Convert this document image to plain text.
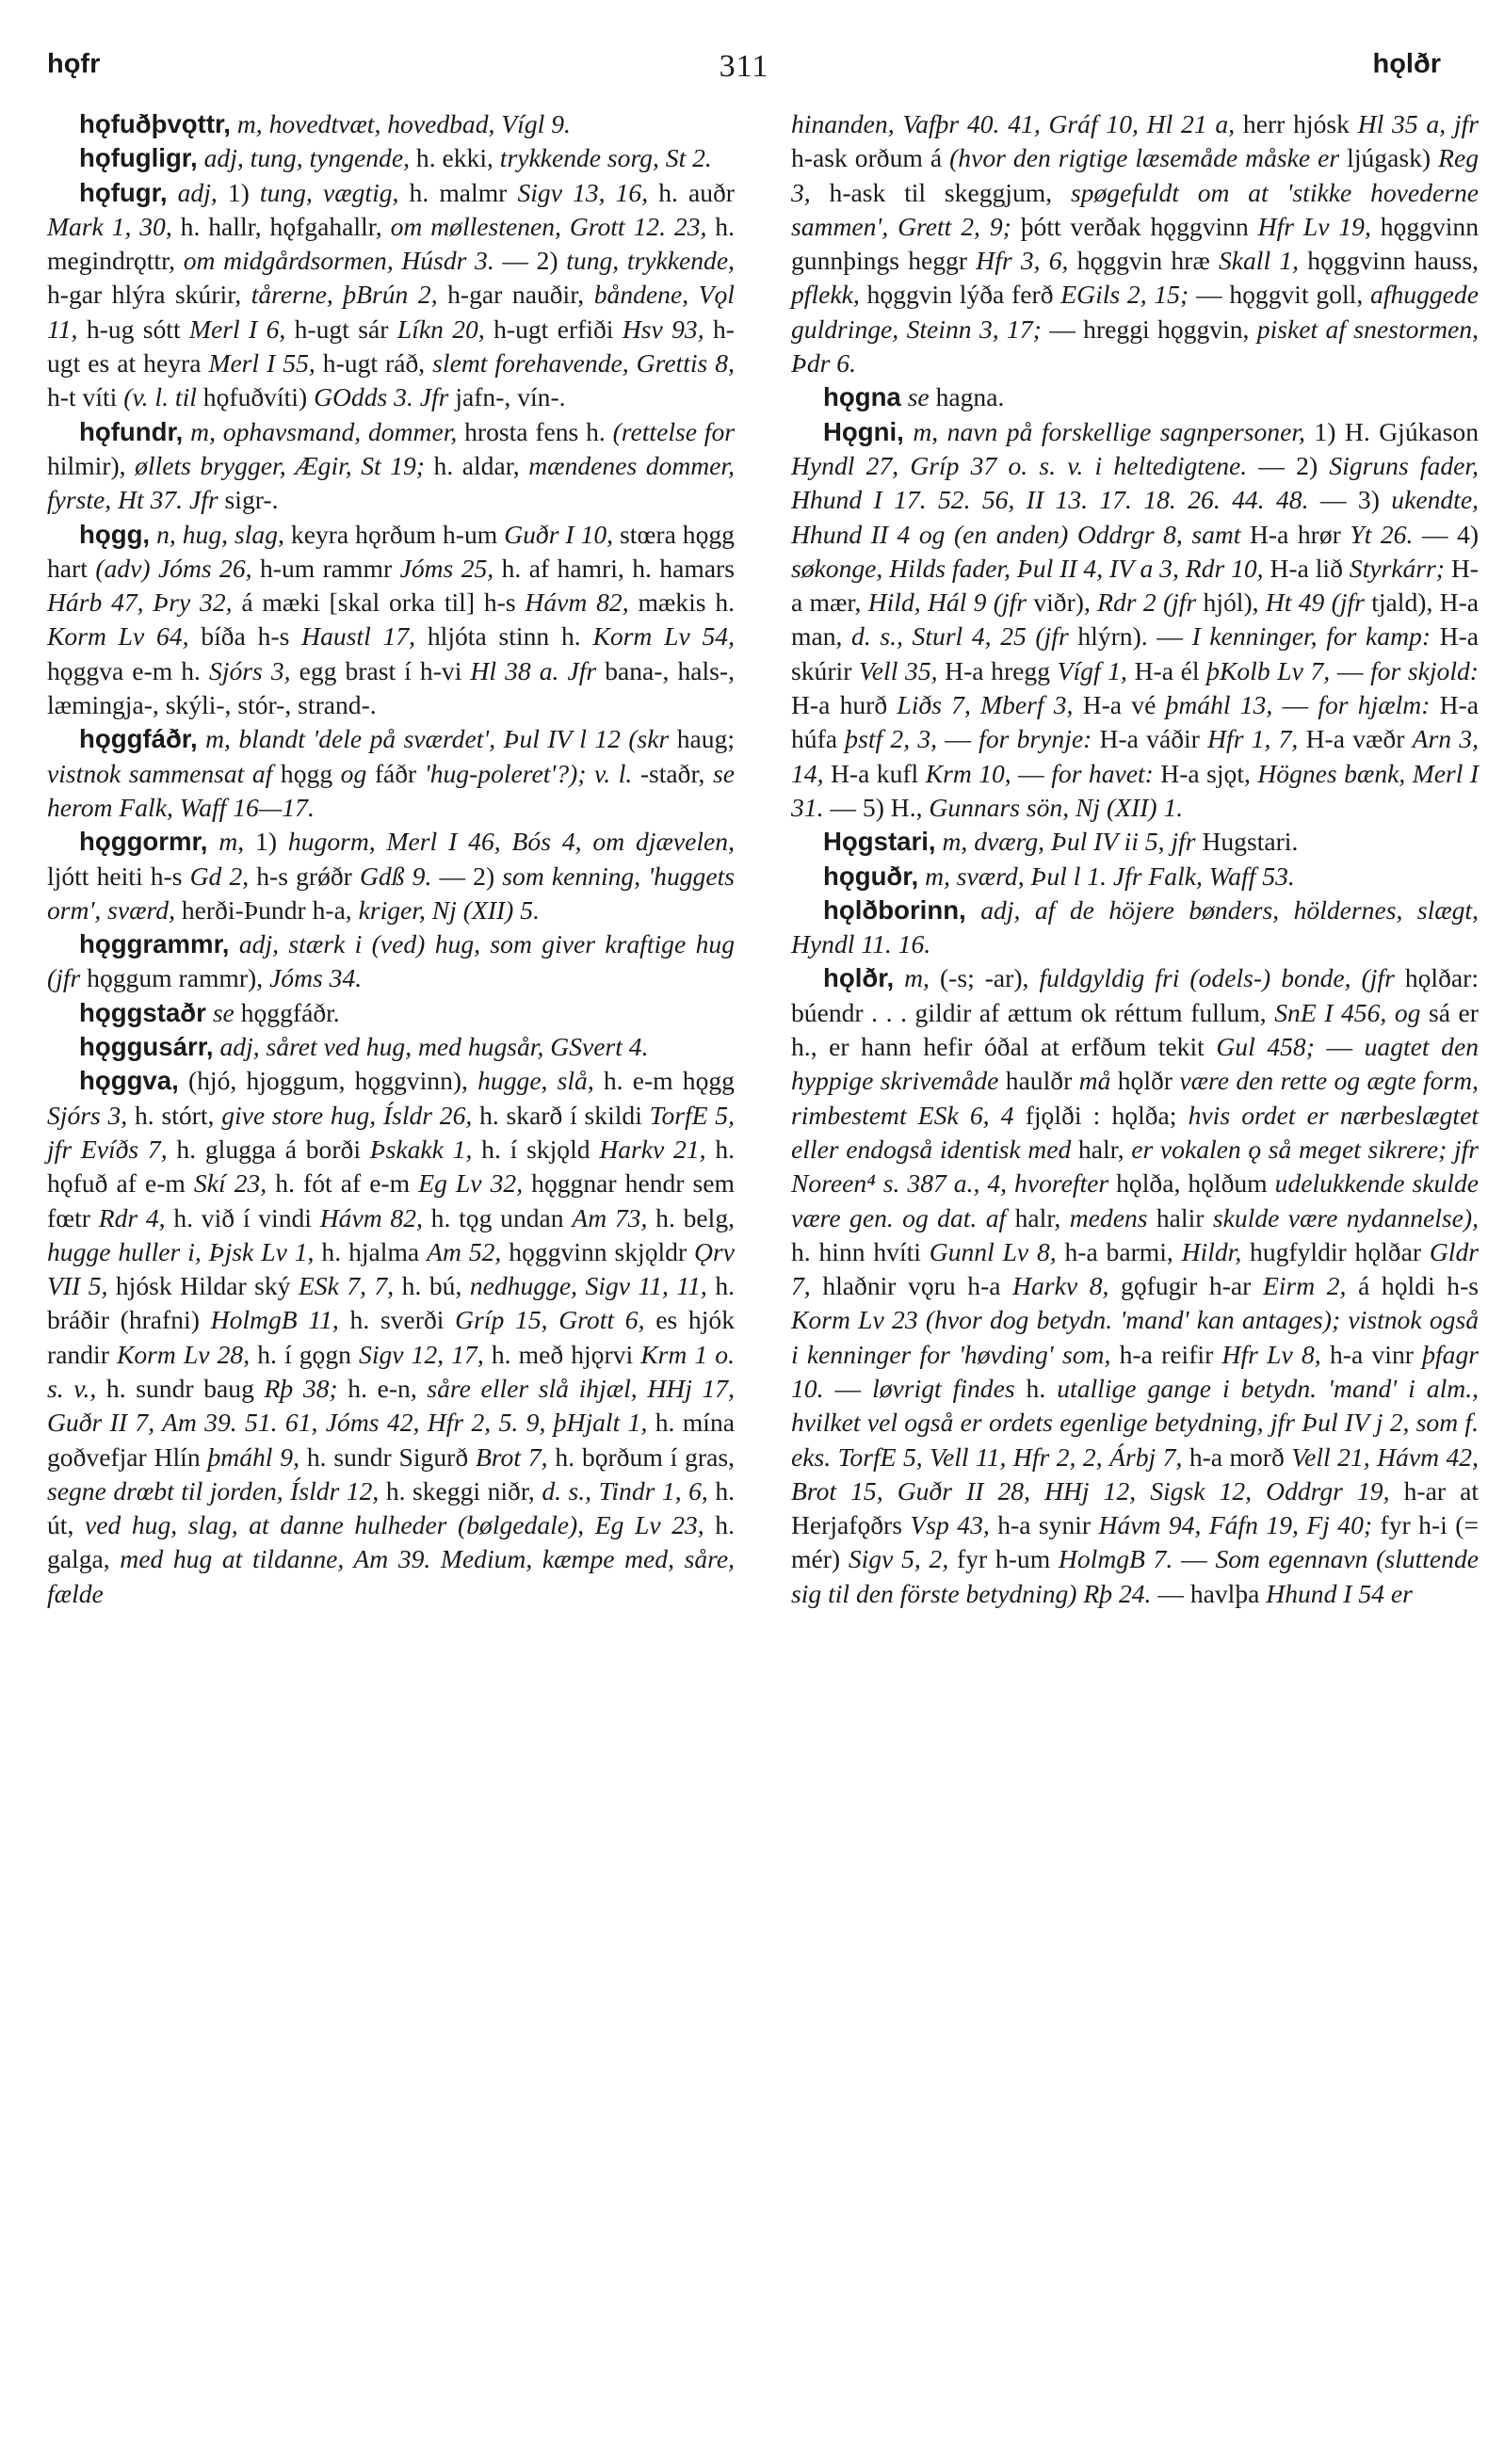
hǫfr	311	hǫlðr

hǫfuðþvǫttr, m, hovedtvæt, hovedbad, Vígl 9.

hǫfugligr, adj, tung, tyngende, h. ekki, trykkende sorg, St 2.

hǫfugr, adj, 1) tung, vægtig, h. malmr Sigv 13, 16, h. auðr Mark 1, 30, h. hallr, hǫfgahallr, om møllestenen, Grott 12. 23, h. megindrǫttr, om midgårdsormen, Húsdr 3. — 2) tung, trykkende, h-gar hlýra skúrir, tårerne, þBrún 2, h-gar nauðir, båndene, Vǫl 11, h-ug sótt Merl I 6, h-ugt sár Líkn 20, h-ugt erfiði Hsv 93, h-ugt es at heyra Merl I 55, h-ugt ráð, slemt forehavende, Grettis 8, h-t víti (v. l. til hǫfuðvíti) GOdds 3. Jfr jafn-, vín-.

hǫfundr, m, ophavsmand, dommer, hrosta fens h. (rettelse for hilmir), øllets brygger, Ægir, St 19; h. aldar, mændenes dommer, fyrste, Ht 37. Jfr sigr-.

hǫgg, n, hug, slag, keyra hǫrðum h-um Guðr I 10, stœra hǫgg hart (adv) Jóms 26, h-um rammr Jóms 25, h. af hamri, h. hamars Hárb 47, Þry 32, á mæki [skal orka til] h-s Hávm 82, mækis h. Korm Lv 64, bíða h-s Haustl 17, hljóta stinn h. Korm Lv 54, hǫggva e-m h. Sjórs 3, egg brast í h-vi Hl 38 a. Jfr bana-, hals-, læmingja-, skýli-, stór-, strand-.

hǫggfáðr, m, blandt 'dele på sværdet', Þul IV l 12 (skr haug; vistnok sammensat af hǫgg og fáðr 'hug-poleret'?); v. l. -staðr, se herom Falk, Waff 16—17.

hǫggormr, m, 1) hugorm, Merl I 46, Bós 4, om djævelen, ljótt heiti h-s Gd 2, h-s grǿðr Gdß 9. — 2) som kenning, 'huggets orm', sværd, herði-Þundr h-a, kriger, Nj (XII) 5.

hǫggrammr, adj, stærk i (ved) hug, som giver kraftige hug (jfr hǫggum rammr), Jóms 34.

hǫggstaðr se hǫggfáðr.

hǫggusárr, adj, såret ved hug, med hugsår, GSvert 4.

hǫggva, (hjó, hjoggum, hǫggvinn), hugge, slå, h. e-m hǫgg Sjórs 3, h. stórt, give store hug, Ísldr 26, h. skarð í skildi TorfE 5, jfr Evíðs 7, h. glugga á borði Þskakk 1, h. í skjǫld Harkv 21, h. hǫfuð af e-m Skí 23, h. fót af e-m Eg Lv 32, hǫggnar hendr sem fœtr Rdr 4, h. við í vindi Hávm 82, h. tǫg undan Am 73, h. belg, hugge huller i, Þjsk Lv 1, h. hjalma Am 52, hǫggvinn skjǫldr Ǫrv VII 5, hjósk Hildar ský ESk 7, 7, h. bú, nedhugge, Sigv 11, 11, h. bráðir (hrafni) HolmgB 11, h. sverði Gríp 15, Grott 6, es hjók randir Korm Lv 28, h. í gǫgn Sigv 12, 17, h. með hjǫrvi Krm 1 o. s. v., h. sundr baug Rþ 38; h. e-n, såre eller slå ihjæl, HHj 17, Guðr II 7, Am 39. 51. 61, Jóms 42, Hfr 2, 5. 9, þHjalt 1, h. mína goðvefjar Hlín þmáhl 9, h. sundr Sigurð Brot 7, h. bǫrðum í gras, segne drœbt til jorden, Ísldr 12, h. skeggi niðr, d. s., Tindr 1, 6, h. út, ved hug, slag, at danne hulheder (bølgedale), Eg Lv 23, h. galga, med hug at tildanne, Am 39. Medium, kæmpe med, såre, fælde

hinanden, Vafþr 40. 41, Gráf 10, Hl 21 a, herr hjósk Hl 35 a, jfr h-ask orðum á (hvor den rigtige læsemåde måske er ljúgask) Reg 3, h-ask til skeggjum, spøgefuldt om at 'stikke hovederne sammen', Grett 2, 9; þótt verðak hǫggvinn Hfr Lv 19, hǫggvinn gunnþings heggr Hfr 3, 6, hǫggvin hræ Skall 1, hǫggvinn hauss, pflekk, hǫggvin lýða ferð EGils 2, 15; — hǫggvit goll, afhuggede guldringe, Steinn 3, 17; — hreggi hǫggvin, pisket af snestormen, Þdr 6.

hǫgna se hagna.

Hǫgni, m, navn på forskellige sagnpersoner, 1) H. Gjúkason Hyndl 27, Gríp 37 o. s. v. i heltedigtene. — 2) Sigruns fader, Hhund I 17. 52. 56, II 13. 17. 18. 26. 44. 48. — 3) ukendte, Hhund II 4 og (en anden) Oddrgr 8, samt H-a hrør Yt 26. — 4) søkonge, Hilds fader, Þul II 4, IV a 3, Rdr 10, H-a lið Styrkárr; H-a mær, Hild, Hál 9 (jfr viðr), Rdr 2 (jfr hjól), Ht 49 (jfr tjald), H-a man, d. s., Sturl 4, 25 (jfr hlýrn). — I kenninger, for kamp: H-a skúrir Vell 35, H-a hregg Vígf 1, H-a él þKolb Lv 7, — for skjold: H-a hurð Liðs 7, Mberf 3, H-a vé þmáhl 13, — for hjælm: H-a húfa þstf 2, 3, — for brynje: H-a váðir Hfr 1, 7, H-a væðr Arn 3, 14, H-a kufl Krm 10, — for havet: H-a sjǫt, Högnes bænk, Merl I 31. — 5) H., Gunnars sön, Nj (XII) 1.

Hǫgstari, m, dværg, Þul IV ii 5, jfr Hugstari.

hǫguðr, m, sværd, Þul l 1. Jfr Falk, Waff 53.

hǫlðborinn, adj, af de höjere bønders, höldernes, slægt, Hyndl 11. 16.

hǫlðr, m, (-s; -ar), fuldgyldig fri (odels-) bonde, (jfr hǫlðar: búendr . . . gildir af ættum ok réttum fullum, SnE I 456, og sá er h., er hann hefir óðal at erfðum tekit Gul 458; — uagtet den hyppige skrivemåde haulðr må hǫlðr være den rette og ægte form, rimbestemt ESk 6, 4 fjǫlði : hǫlða; hvis ordet er nærbeslægtet eller endogså identisk med halr, er vokalen ǫ så meget sikrere; jfr Noreen⁴ s. 387 a., 4, hvorefter hǫlða, hǫlðum udelukkende skulde være gen. og dat. af halr, medens halir skulde være nydannelse), h. hinn hvíti Gunnl Lv 8, h-a barmi, Hildr, hugfyldir hǫlðar Gldr 7, hlaðnir vǫru h-a Harkv 8, gǫfugir h-ar Eirm 2, á hǫldi h-s Korm Lv 23 (hvor dog betydn. 'mand' kan antages); vistnok også i kenninger for 'høvding' som, h-a reifir Hfr Lv 8, h-a vinr þfagr 10. — løvrigt findes h. utallige gange i betydn. 'mand' i alm., hvilket vel også er ordets egenlige betydning, jfr Þul IV j 2, som f. eks. TorfE 5, Vell 11, Hfr 2, 2, Árbj 7, h-a morð Vell 21, Hávm 42, Brot 15, Guðr II 28, HHj 12, Sigsk 12, Oddrgr 19, h-ar at Herjafǫðrs Vsp 43, h-a synir Hávm 94, Fáfn 19, Fj 40; fyr h-i (= mér) Sigv 5, 2, fyr h-um HolmgB 7. — Som egennavn (sluttende sig til den förste betydning) Rþ 24. — havlþa Hhund I 54 er
